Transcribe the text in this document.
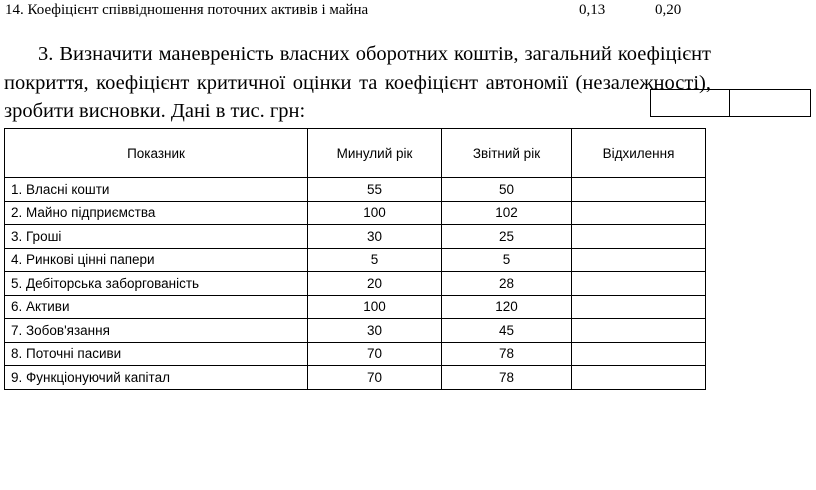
14. Коефіцієнт співвідношення поточних активів і майна	0,13	0,20

3. Визначити маневреність власних оборотних коштів, загальний коефіцієнт покриття, коефіцієнт критичної оцінки та коефіцієнт автономії (незалежності), зробити висновки. Дані в тис. грн:

Показник	Минулий рік	Звітний рік	Відхилення
1. Власні кошти	55	50	
2. Майно підприємства	100	102	
3. Гроші	30	25	
4. Ринкові цінні папери	5	5	
5. Дебіторська заборгованість	20	28	
6. Активи	100	120	
7. Зобов'язання	30	45	
8. Поточні пасиви	70	78	
9. Функціонуючий капітал	70	78	
